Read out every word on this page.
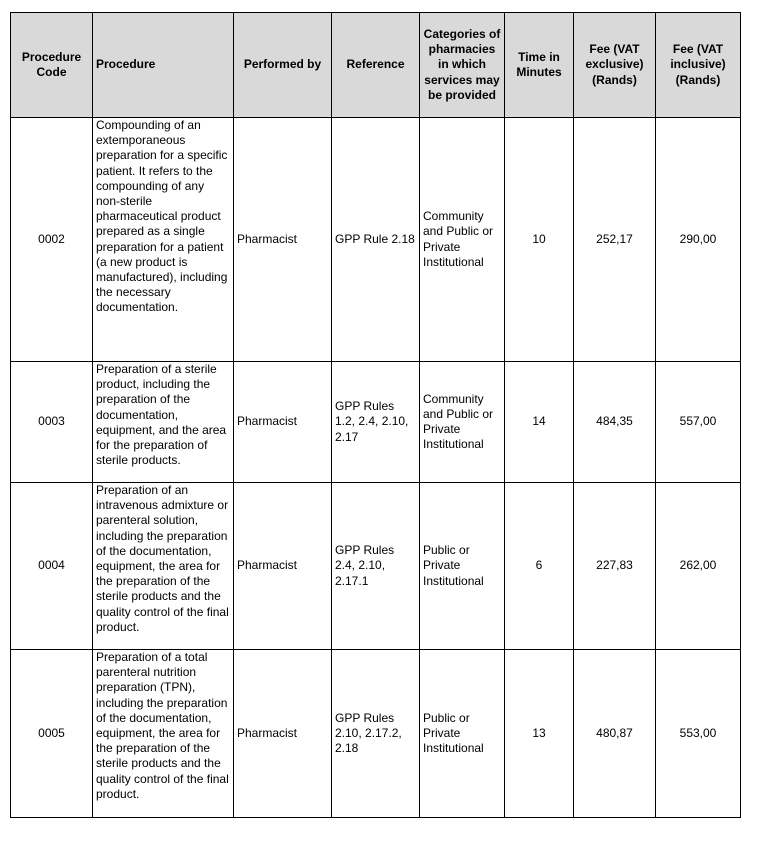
Procedure Code	Procedure	Performed by	Reference	Categories of pharmacies in which services may be provided	Time in Minutes	Fee (VAT exclusive) (Rands)	Fee (VAT inclusive) (Rands)
0002	Compounding of an extemporaneous preparation for a specific patient. It refers to the compounding of any non-sterile pharmaceutical product prepared as a single preparation for a patient (a new product is manufactured), including the necessary documentation.	Pharmacist	GPP Rule 2.18	Community and Public or Private Institutional	10	252,17	290,00
0003	Preparation of a sterile product, including the preparation of the documentation, equipment, and the area for the preparation of sterile products.	Pharmacist	GPP Rules 1.2, 2.4, 2.10, 2.17	Community and Public or Private Institutional	14	484,35	557,00
0004	Preparation of an intravenous admixture or parenteral solution, including the preparation of the documentation, equipment, the area for the preparation of the sterile products and the quality control of the final product.	Pharmacist	GPP Rules 2.4, 2.10, 2.17.1	Public or Private Institutional	6	227,83	262,00
0005	Preparation of a total parenteral nutrition preparation (TPN), including the preparation of the documentation, equipment, the area for the preparation of the sterile products and the quality control of the final product.	Pharmacist	GPP Rules 2.10, 2.17.2, 2.18	Public or Private Institutional	13	480,87	553,00
